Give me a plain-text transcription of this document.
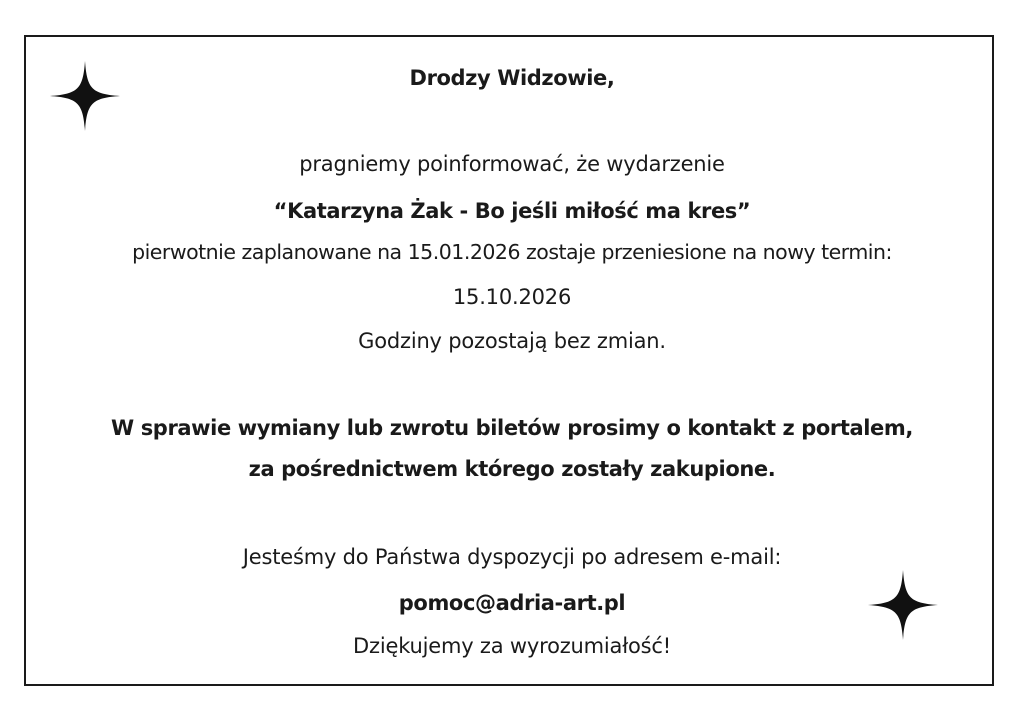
Drodzy Widzowie,
pragniemy poinformować, że wydarzenie
“Katarzyna Żak - Bo jeśli miłość ma kres”
pierwotnie zaplanowane na 15.01.2026 zostaje przeniesione na nowy termin:
15.10.2026
Godziny pozostają bez zmian.
W sprawie wymiany lub zwrotu biletów prosimy o kontakt z portalem,
za pośrednictwem którego zostały zakupione.
Jesteśmy do Państwa dyspozycji po adresem e-mail:
pomoc@adria-art.pl
Dziękujemy za wyrozumiałość!
